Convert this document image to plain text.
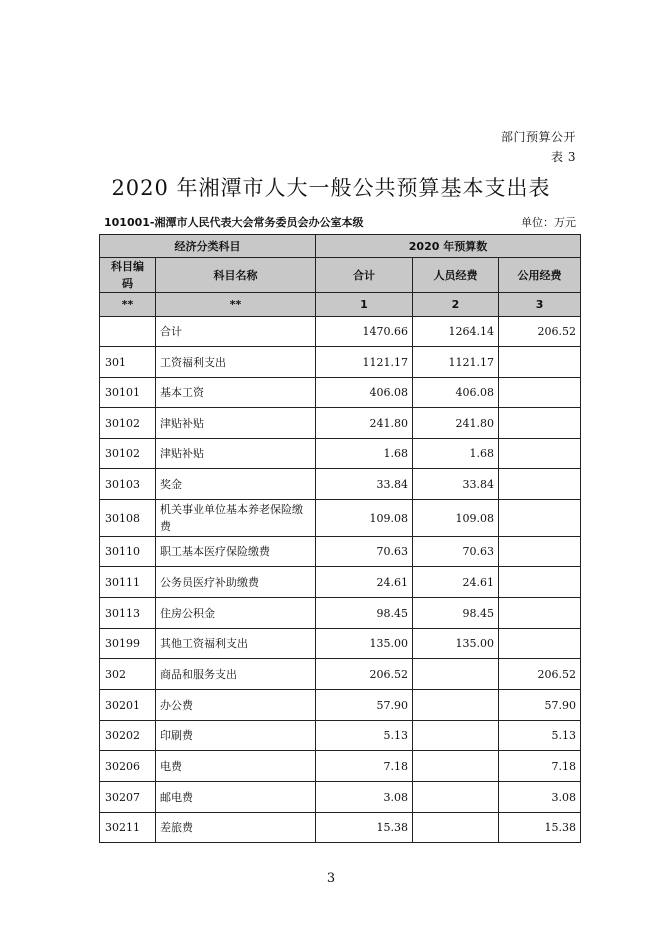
部门预算公开
表 3
2020 年湘潭市人大一般公共预算基本支出表
101001-湘潭市人民代表大会常务委员会办公室本级	单位：万元
经济分类科目		2020 年预算数		
科目编码	科目名称	合计	人员经费	公用经费
**	**	1	2	3
	合计	1470.66	1264.14	206.52
301	工资福利支出	1121.17	1121.17	
30101	基本工资	406.08	406.08	
30102	津贴补贴	241.80	241.80	
30102	津贴补贴	1.68	1.68	
30103	奖金	33.84	33.84	
30108	机关事业单位基本养老保险缴费	109.08	109.08	
30110	职工基本医疗保险缴费	70.63	70.63	
30111	公务员医疗补助缴费	24.61	24.61	
30113	住房公积金	98.45	98.45	
30199	其他工资福利支出	135.00	135.00	
302	商品和服务支出	206.52		206.52
30201	办公费	57.90		57.90
30202	印刷费	5.13		5.13
30206	电费	7.18		7.18
30207	邮电费	3.08		3.08
30211	差旅费	15.38		15.38
3
